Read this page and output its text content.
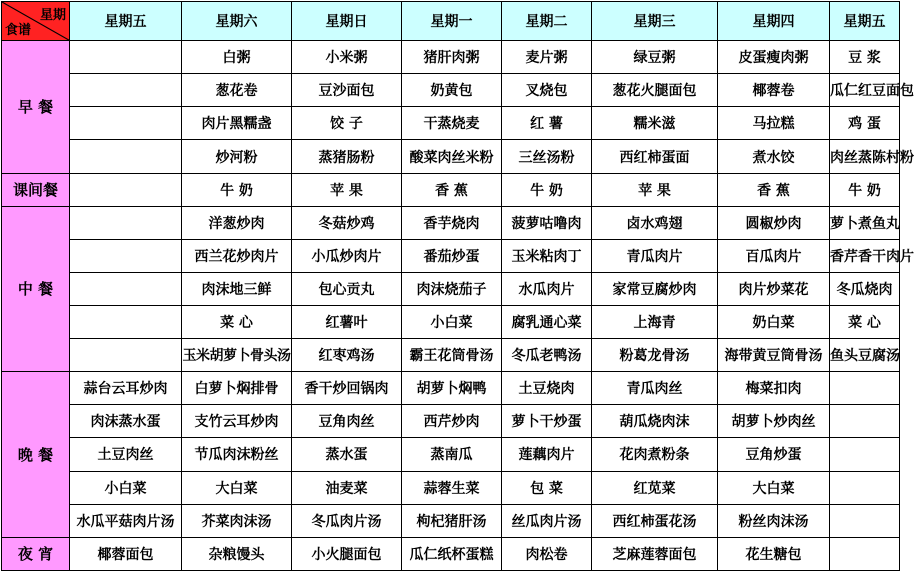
星期
食谱	星期五	星期六	星期日	星期一	星期二	星期三	星期四	星期五
早 餐		白粥	小米粥	猪肝肉粥	麦片粥	绿豆粥	皮蛋瘦肉粥	豆 浆
		葱花卷	豆沙面包	奶黄包	叉烧包	葱花火腿面包	椰蓉卷	瓜仁红豆面包
		肉片黑糯盏	饺 子	干蒸烧麦	红 薯	糯米滋	马拉糕	鸡 蛋
		炒河粉	蒸猪肠粉	酸菜肉丝米粉	三丝汤粉	西红柿蛋面	煮水饺	肉丝蒸陈村粉
课间餐		牛 奶	苹 果	香 蕉	牛 奶	苹 果	香 蕉	牛 奶
中 餐		洋葱炒肉	冬菇炒鸡	香芋烧肉	菠萝咕噜肉	卤水鸡翅	圆椒炒肉	萝卜煮鱼丸
		西兰花炒肉片	小瓜炒肉片	番茄炒蛋	玉米粘肉丁	青瓜肉片	百瓜肉片	香芹香干肉片
		肉沫地三鲜	包心贡丸	肉沫烧茄子	水瓜肉片	家常豆腐炒肉	肉片炒菜花	冬瓜烧肉
		菜 心	红薯叶	小白菜	腐乳通心菜	上海青	奶白菜	菜 心
		玉米胡萝卜骨头汤	红枣鸡汤	霸王花筒骨汤	冬瓜老鸭汤	粉葛龙骨汤	海带黄豆筒骨汤	鱼头豆腐汤
晚 餐	蒜台云耳炒肉	白萝卜焖排骨	香干炒回锅肉	胡萝卜焖鸭	土豆烧肉	青瓜肉丝	梅菜扣肉	
	肉沫蒸水蛋	支竹云耳炒肉	豆角肉丝	西芹炒肉	萝卜干炒蛋	葫瓜烧肉沫	胡萝卜炒肉丝	
	土豆肉丝	节瓜肉沫粉丝	蒸水蛋	蒸南瓜	莲藕肉片	花肉煮粉条	豆角炒蛋	
	小白菜	大白菜	油麦菜	蒜蓉生菜	包 菜	红苋菜	大白菜	
	水瓜平菇肉片汤	芥菜肉沫汤	冬瓜肉片汤	枸杞猪肝汤	丝瓜肉片汤	西红柿蛋花汤	粉丝肉沫汤	
夜 宵	椰蓉面包	杂粮馒头	小火腿面包	瓜仁纸杯蛋糕	肉松卷	芝麻莲蓉面包	花生糖包	
